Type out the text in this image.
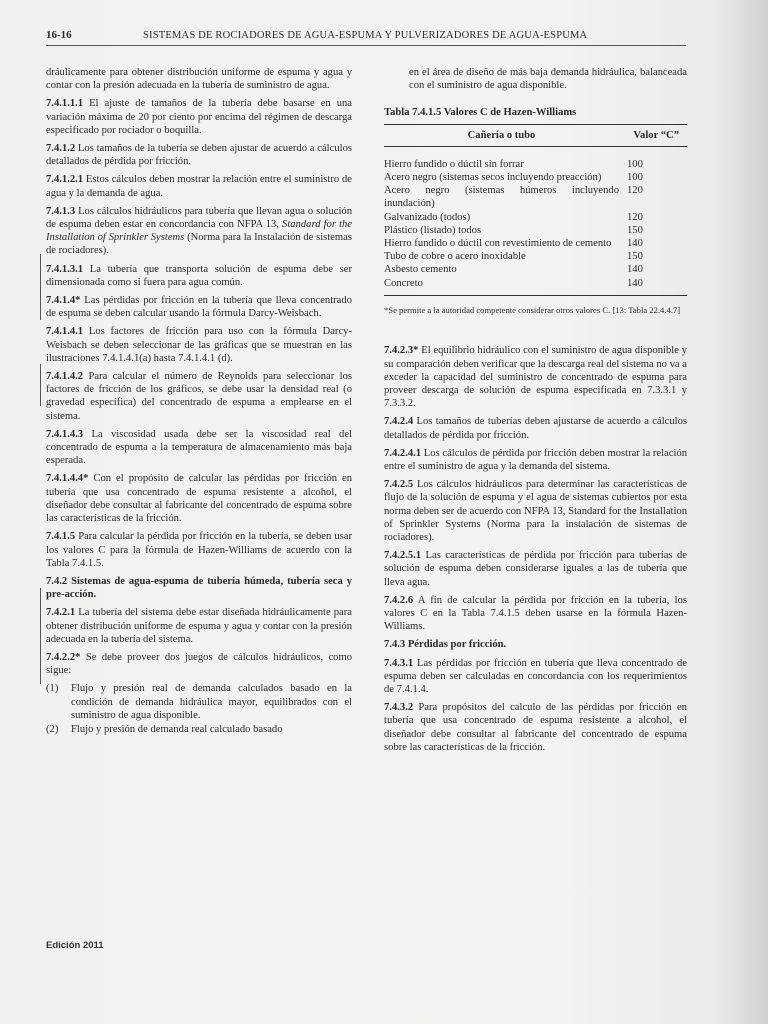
16-16	SISTEMAS DE ROCIADORES DE AGUA-ESPUMA Y PULVERIZADORES DE AGUA-ESPUMA

dráulicamente para obtener distribución uniforme de espuma y agua y contar con la presión adecuada en la tubería de suministro de agua.

7.4.1.1.1 El ajuste de tamaños de la tubería debe basarse en una variación máxima de 20 por ciento por encima del régimen de descarga especificado por rociador o boquilla.

7.4.1.2 Los tamaños de la tubería se deben ajustar de acuerdo a cálculos detallados de pérdida por fricción.

7.4.1.2.1 Estos cálculos deben mostrar la relación entre el suministro de agua y la demanda de agua.

7.4.1.3 Los cálculos hidráulicos para tubería que llevan agua o solución de espuma deben estar en concordancia con NFPA 13, Standard for the Installation of Sprinkler Systems (Norma para la Instalación de sistemas de rociadores).

7.4.1.3.1 La tubería que transporta solución de espuma debe ser dimensionada como si fuera para agua común.

7.4.1.4* Las pérdidas por fricción en la tubería que lleva concentrado de espuma se deben calcular usando la fórmula Darcy-Weisbach.

7.4.1.4.1 Los factores de fricción para uso con la fórmula Darcy-Weisbach se deben seleccionar de las gráficas que se muestran en las ilustraciones 7.4.1.4.1(a) hasta 7.4.1.4.1 (d).

7.4.1.4.2 Para calcular el número de Reynolds para seleccionar los factores de fricción de los gráficos, se debe usar la densidad real (o gravedad específica) del concentrado de espuma a emplearse en el sistema.

7.4.1.4.3 La viscosidad usada debe ser la viscosidad real del concentrado de espuma a la temperatura de almacenamiento más baja esperada.

7.4.1.4.4* Con el propósito de calcular las pérdidas por fricción en tubería que usa concentrado de espuma resistente a alcohol, el diseñador debe consultar al fabricante del concentrado de espuma sobre las características de la fricción.

7.4.1.5 Para calcular la pérdida por fricción en la tubería, se deben usar los valores C para la fórmula de Hazen-Williams de acuerdo con la Tabla 7.4.1.5.

7.4.2 Sistemas de agua-espuma de tubería húmeda, tubería seca y pre-acción.

7.4.2.1 La tubería del sistema debe estar diseñada hidráulicamente para obtener distribución uniforme de espuma y agua y contar con la presión adecuada en la tubería del sistema.

7.4.2.2* Se debe proveer dos juegos de cálculos hidráulicos, como sigue:

(1)	Flujo y presión real de demanda calculados basado en la condición de demanda hidráulica mayor, equilibrados con el suministro de agua disponible.
(2)	Flujo y presión de demanda real calculado basado

en el área de diseño de más baja demanda hidráulica, balanceada con el suministro de agua disponible.

Tabla 7.4.1.5 Valores C de Hazen-Williams
Cañería o tubo	Valor “C”
Hierro fundido o dúctil sin forrar	100
Acero negro (sistemas secos incluyendo preacción)	100
Acero negro (sistemas húmeros incluyendo inundación)	120
Galvanizado (todos)	120
Plástico (listado) todos	150
Hierro fundido o dúctil con revestimiento de cemento	140
Tubo de cobre o acero inoxidable	150
Asbesto cemento	140
Concreto	140
*Se permite a la autoridad competente considerar otros valores C. [13: Tabla 22.4.4.7]

7.4.2.3* El equilibrio hidráulico con el suministro de agua disponible y su comparación deben verificar que la descarga real del sistema no va a exceder la capacidad del suministro de concentrado de espuma para proveer descarga de solución de espuma especificada en 7.3.3.1 y 7.3.3.2.

7.4.2.4 Los tamaños de tuberías deben ajustarse de acuerdo a cálculos detallados de pérdida por fricción.

7.4.2.4.1 Los cálculos de pérdida por fricción deben mostrar la relación entre el suministro de agua y la demanda del sistema.

7.4.2.5 Los cálculos hidráulicos para determinar las características de flujo de la solución de espuma y el agua de sistemas cubiertos por esta norma deben ser de acuerdo con NFPA 13, Standard for the Installation of Sprinkler Systems (Norma para la instalación de sistemas de rociadores).

7.4.2.5.1 Las características de pérdida por fricción para tuberías de solución de espuma deben considerarse iguales a las de tubería que lleva agua.

7.4.2.6 A fin de calcular la pérdida por fricción en la tubería, los valores C en la Tabla 7.4.1.5 deben usarse en la fórmula Hazen-Williams.

7.4.3 Pérdidas por fricción.

7.4.3.1 Las pérdidas por fricción en tubería que lleva concentrado de espuma deben ser calculadas en concordancia con los requerimientos de 7.4.1.4.

7.4.3.2 Para propósitos del calculo de las pérdidas por fricción en tubería que usa concentrado de espuma resistente a alcohol, el diseñador debe consultar al fabricante del concentrado de espuma sobre las características de la fricción.

Edición 2011
